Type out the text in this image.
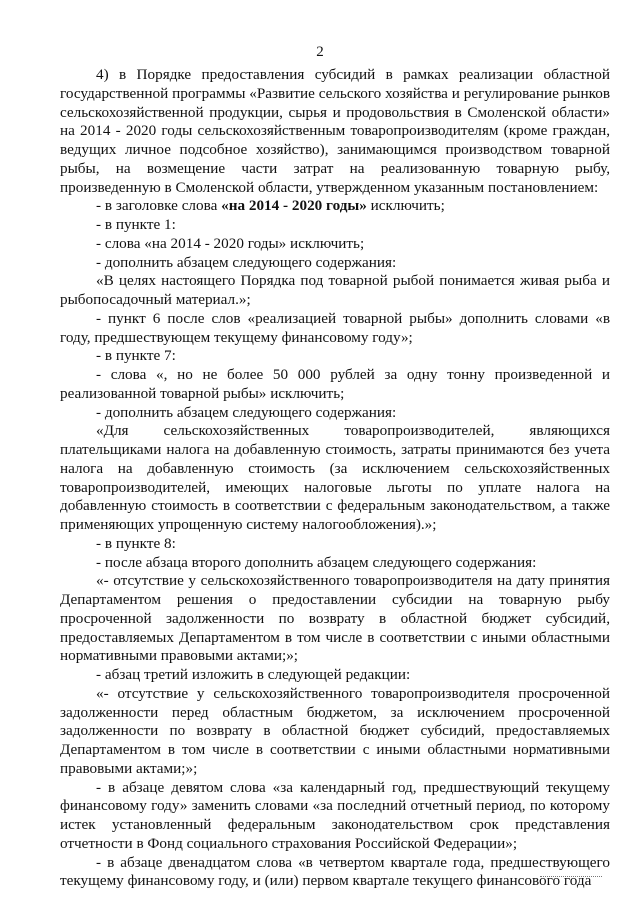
2

4) в Порядке предоставления субсидий в рамках реализации областной государственной программы «Развитие сельского хозяйства и регулирование рынков сельскохозяйственной продукции, сырья и продовольствия в Смоленской области» на 2014 - 2020 годы сельскохозяйственным товаропроизводителям (кроме граждан, ведущих личное подсобное хозяйство), занимающимся производством товарной рыбы, на возмещение части затрат на реализованную товарную рыбу, произведенную в Смоленской области, утвержденном указанным постановлением:

- в заголовке слова «на 2014 - 2020 годы» исключить;

- в пункте 1:

- слова «на 2014 - 2020 годы» исключить;

- дополнить абзацем следующего содержания:

«В целях настоящего Порядка под товарной рыбой понимается живая рыба и рыбопосадочный материал.»;

- пункт 6 после слов «реализацией товарной рыбы» дополнить словами «в году, предшествующем текущему финансовому году»;

- в пункте 7:

- слова «, но не более 50 000 рублей за одну тонну произведенной и реализованной товарной рыбы» исключить;

- дополнить абзацем следующего содержания:

«Для сельскохозяйственных товаропроизводителей, являющихся плательщиками налога на добавленную стоимость, затраты принимаются без учета налога на добавленную стоимость (за исключением сельскохозяйственных товаропроизводителей, имеющих налоговые льготы по уплате налога на добавленную стоимость в соответствии с федеральным законодательством, а также применяющих упрощенную систему налогообложения).»;

- в пункте 8:

- после абзаца второго дополнить абзацем следующего содержания:

«- отсутствие у сельскохозяйственного товаропроизводителя на дату принятия Департаментом решения о предоставлении субсидии на товарную рыбу просроченной задолженности по возврату в областной бюджет субсидий, предоставляемых Департаментом в том числе в соответствии с иными областными нормативными правовыми актами;»;

- абзац третий изложить в следующей редакции:

«- отсутствие у сельскохозяйственного товаропроизводителя просроченной задолженности перед областным бюджетом, за исключением просроченной задолженности по возврату в областной бюджет субсидий, предоставляемых Департаментом в том числе в соответствии с иными областными нормативными правовыми актами;»;

- в абзаце девятом слова «за календарный год, предшествующий текущему финансовому году» заменить словами «за последний отчетный период, по которому истек установленный федеральным законодательством срок представления отчетности в Фонд социального страхования Российской Федерации»;

- в абзаце двенадцатом слова «в четвертом квартале года, предшествующего текущему финансовому году, и (или) первом квартале текущего финансового года
